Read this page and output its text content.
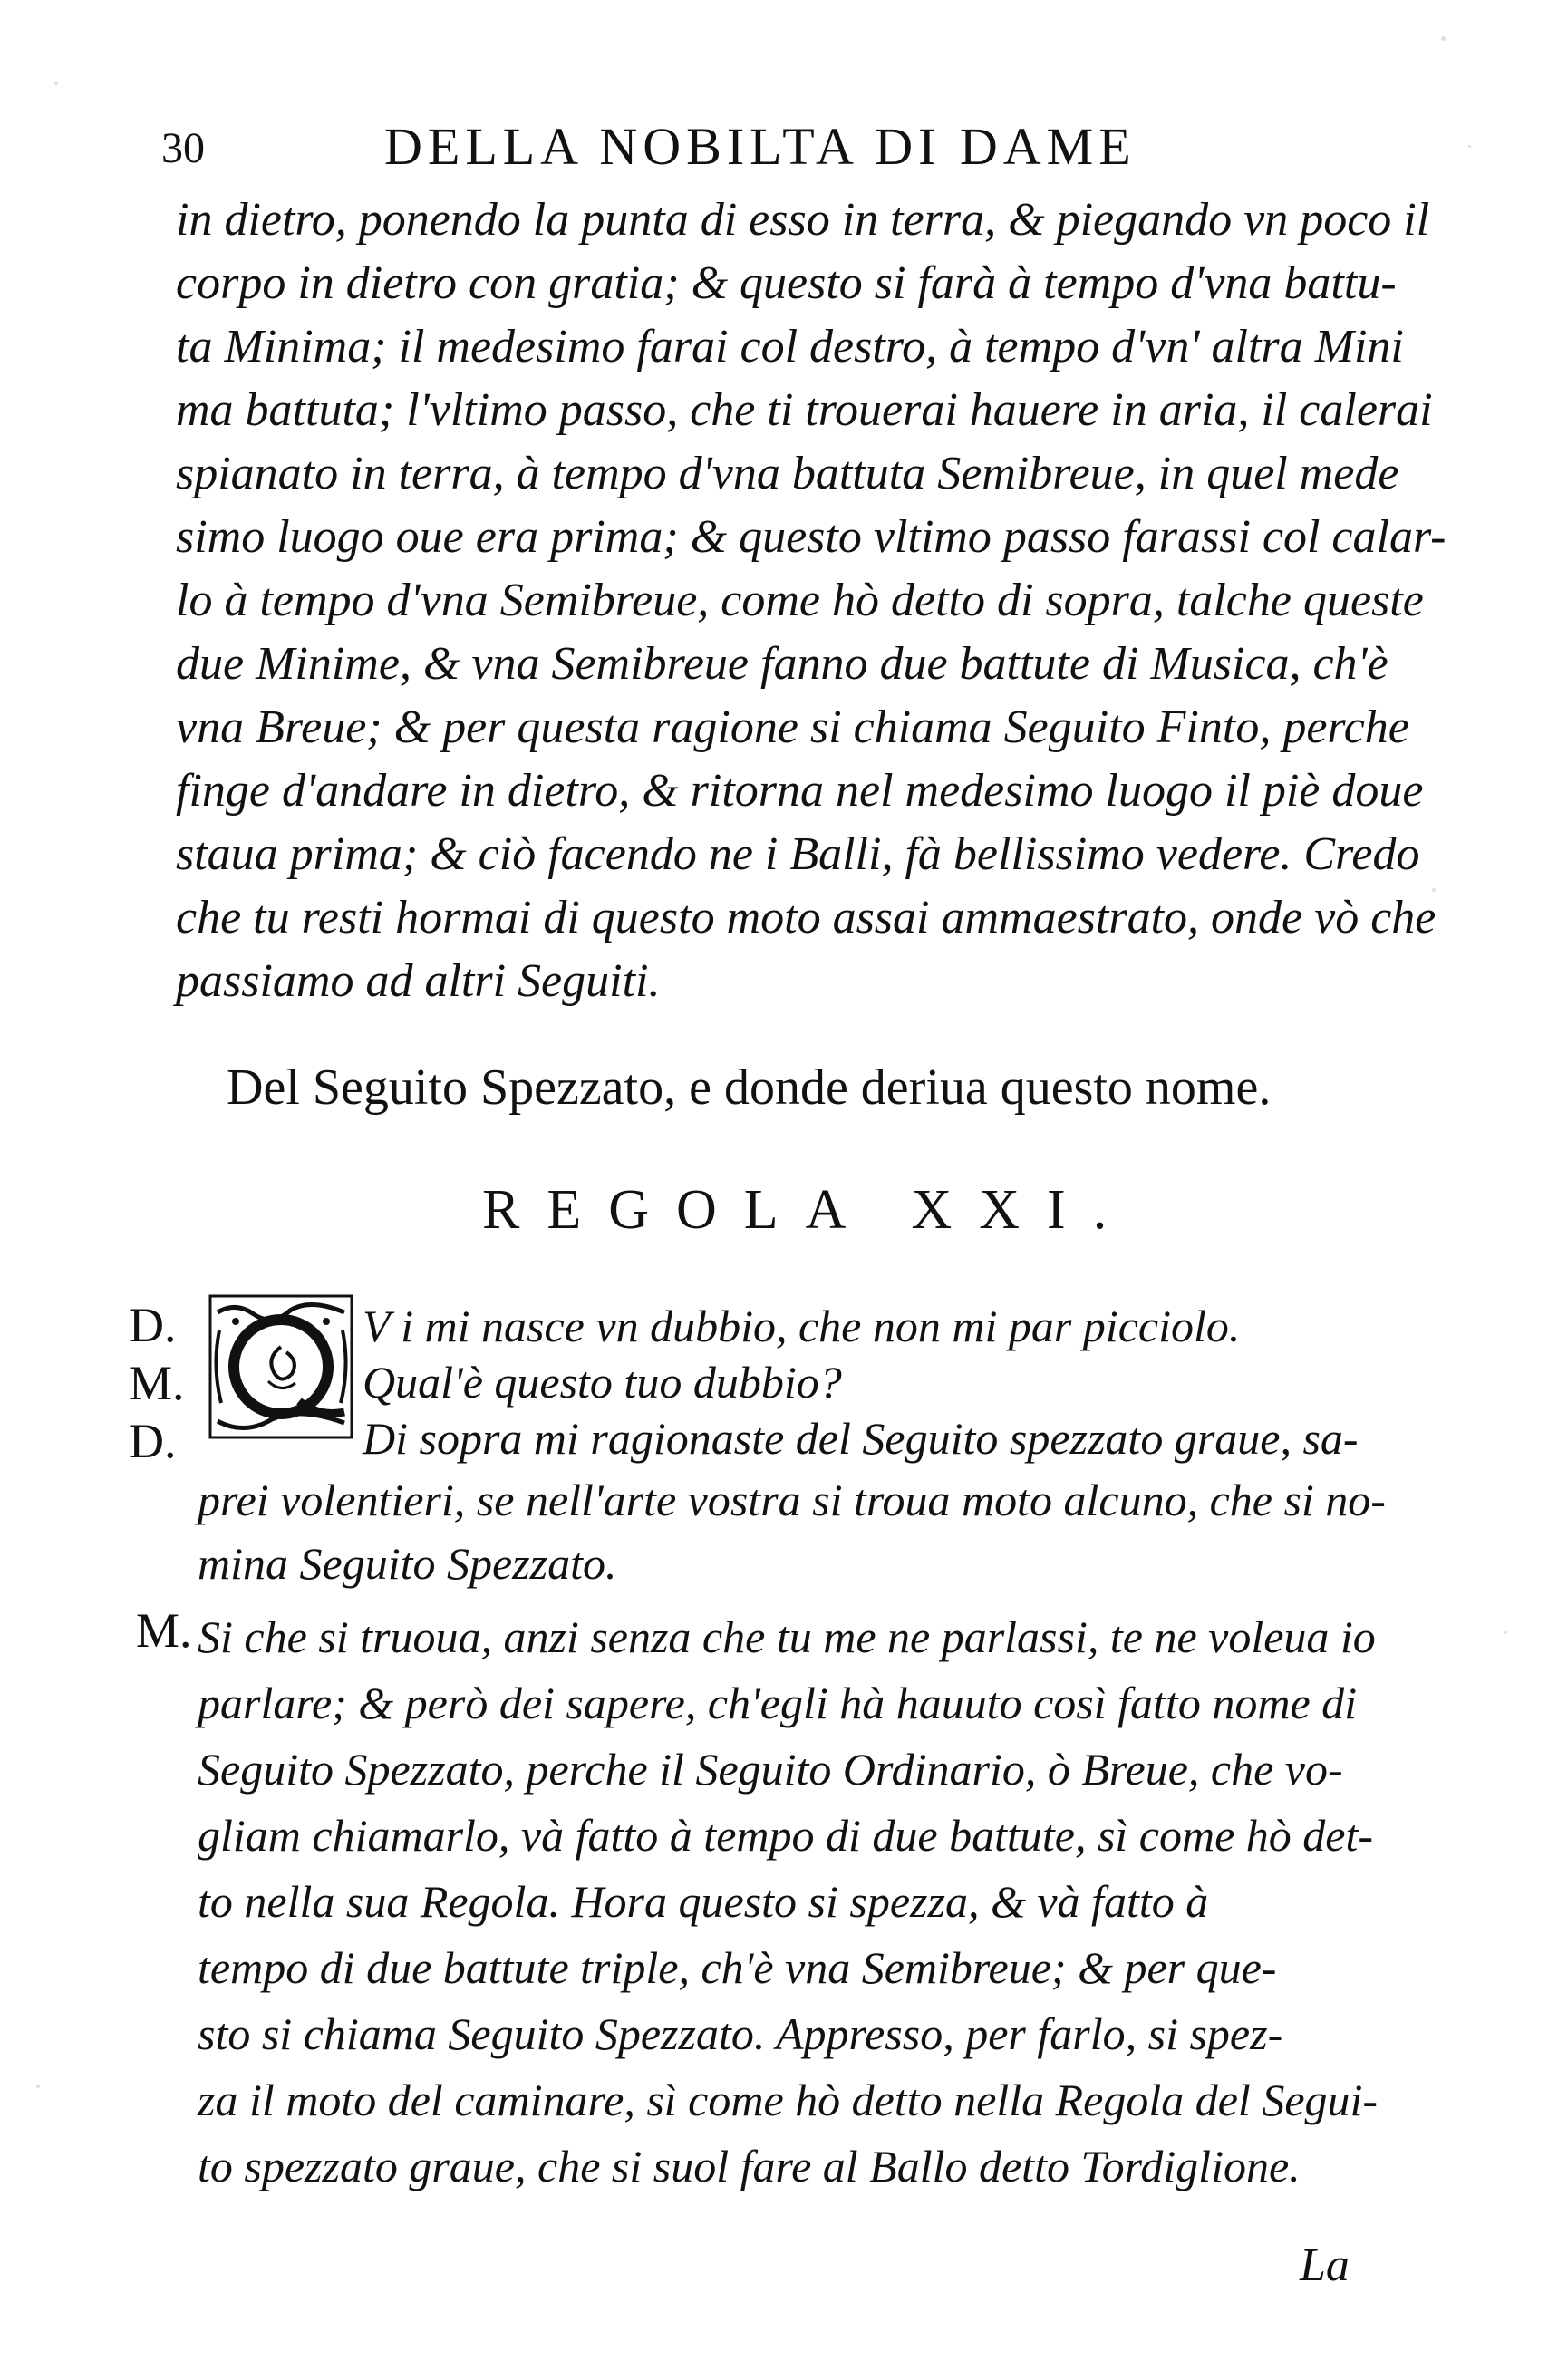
30	DELLA NOBILTA DI DAME
in dietro, ponendo la punta di esso in terra, & piegando vn poco il
corpo in dietro con gratia; & questo si farà à tempo d'vna battu-
ta Minima; il medesimo farai col destro, à tempo d'vn' altra Mini
ma battuta; l'vltimo passo, che ti trouerai hauere in aria, il calerai
spianato in terra, à tempo d'vna battuta Semibreue, in quel mede
simo luogo oue era prima; & questo vltimo passo farassi col calar-
lo à tempo d'vna Semibreue, come hò detto di sopra, talche queste
due Minime, & vna Semibreue fanno due battute di Musica, ch'è
vna Breue; & per questa ragione si chiama Seguito Finto, perche
finge d'andare in dietro, & ritorna nel medesimo luogo il piè doue
staua prima; & ciò facendo ne i Balli, fà bellissimo vedere. Credo
che tu resti hormai di questo moto assai ammaestrato, onde vò che
passiamo ad altri Seguiti.
Del Seguito Spezzato, e donde deriua questo nome.
REGOLA XXI.
D.
M.
D.
V i mi nasce vn dubbio, che non mi par picciolo.
Qual'è questo tuo dubbio?
Di sopra mi ragionaste del Seguito spezzato graue, sa-
prei volentieri, se nell'arte vostra si troua moto alcuno, che si no-
mina Seguito Spezzato.
M. Si che si truoua, anzi senza che tu me ne parlassi, te ne voleua io
parlare; & però dei sapere, ch'egli hà hauuto così fatto nome di
Seguito Spezzato, perche il Seguito Ordinario, ò Breue, che vo-
gliam chiamarlo, và fatto à tempo di due battute, sì come hò det-
to nella sua Regola. Hora questo si spezza, & và fatto à
tempo di due battute triple, ch'è vna Semibreue; & per que-
sto si chiama Seguito Spezzato. Appresso, per farlo, si spez-
za il moto del caminare, sì come hò detto nella Regola del Segui-
to spezzato graue, che si suol fare al Ballo detto Tordiglione.
La
